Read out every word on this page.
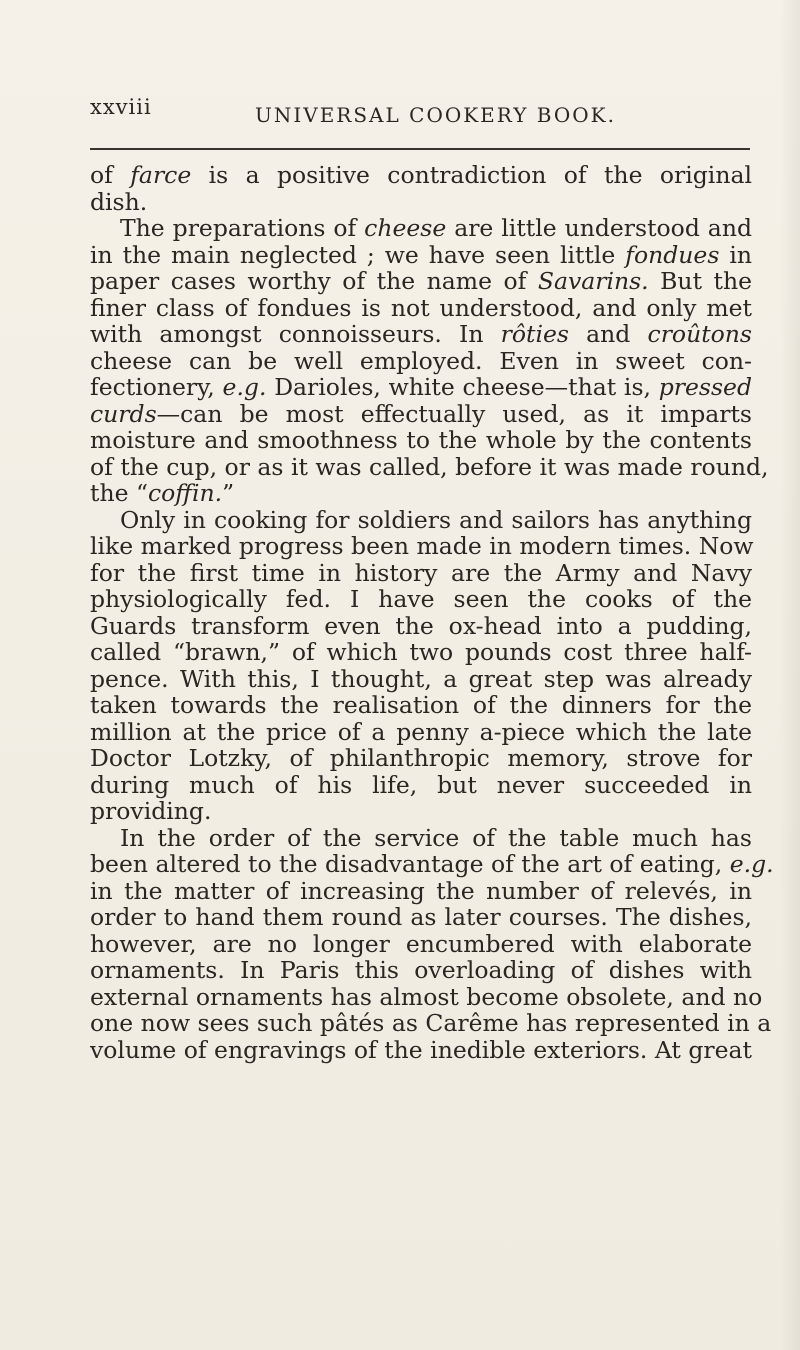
xxviii	UNIVERSAL COOKERY BOOK.
of farce is a positive contradiction of the original
dish.
The preparations of cheese are little understood and
in the main neglected ; we have seen little fondues in
paper cases worthy of the name of Savarins. But the
finer class of fondues is not understood, and only met
with amongst connoisseurs. In rôties and croûtons
cheese can be well employed. Even in sweet con-
fectionery, e.g. Darioles, white cheese—that is, pressed
curds—can be most effectually used, as it imparts
moisture and smoothness to the whole by the contents
of the cup, or as it was called, before it was made round,
the “coffin.”
Only in cooking for soldiers and sailors has anything
like marked progress been made in modern times. Now
for the first time in history are the Army and Navy
physiologically fed. I have seen the cooks of the
Guards transform even the ox-head into a pudding,
called “brawn,” of which two pounds cost three half-
pence. With this, I thought, a great step was already
taken towards the realisation of the dinners for the
million at the price of a penny a-piece which the late
Doctor Lotzky, of philanthropic memory, strove for
during much of his life, but never succeeded in
providing.
In the order of the service of the table much has
been altered to the disadvantage of the art of eating, e.g.
in the matter of increasing the number of relevés, in
order to hand them round as later courses. The dishes,
however, are no longer encumbered with elaborate
ornaments. In Paris this overloading of dishes with
external ornaments has almost become obsolete, and no
one now sees such pâtés as Carême has represented in a
volume of engravings of the inedible exteriors. At great
